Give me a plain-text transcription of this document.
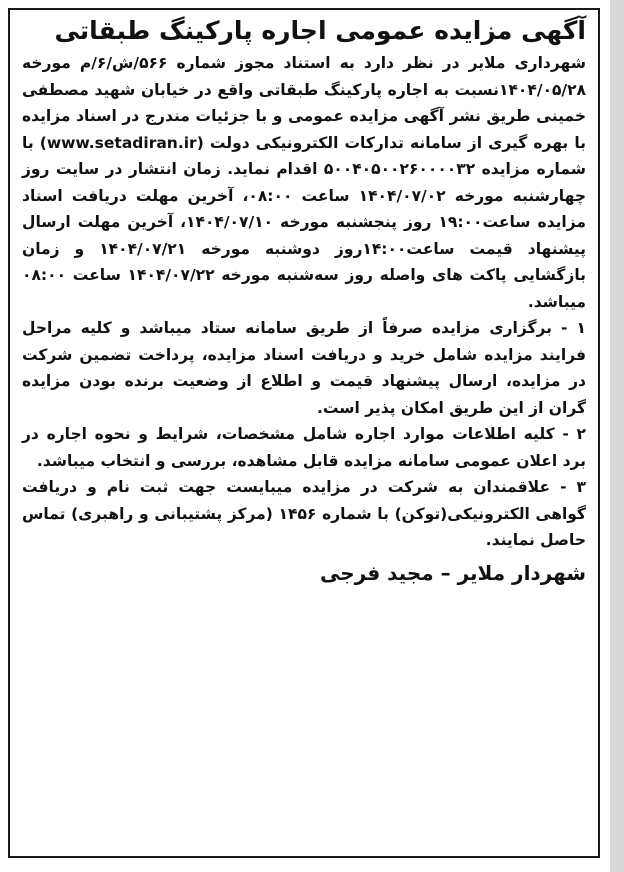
آگهی مزایده عمومی اجاره پارکینگ طبقاتی

شهرداری ملایر در نظر دارد به استناد مجوز شماره ۵۶۶/ش/۶/م مورخه ۱۴۰۴/۰۵/۲۸نسبت به اجاره پارکینگ طبقاتی واقع در خیابان شهید مصطفی خمینی طریق نشر آگهی مزایده عمومی و با جزئیات مندرج در اسناد مزایده با بهره گیری از سامانه تدارکات الکترونیکی دولت (www.setadiran.ir) با شماره مزایده ۵۰۰۴۰۵۰۰۲۶۰۰۰۰۳۲ اقدام نماید. زمان انتشار در سایت روز چهارشنبه مورخه ۱۴۰۴/۰۷/۰۲ ساعت ۰۸:۰۰، آخرین مهلت دریافت اسناد مزایده ساعت۱۹:۰۰ روز پنجشنبه مورخه ۱۴۰۴/۰۷/۱۰، آخرین مهلت ارسال پیشنهاد قیمت ساعت۱۴:۰۰روز دوشنبه مورخه ۱۴۰۴/۰۷/۲۱ و زمان بازگشایی پاکت های واصله روز سه‌شنبه مورخه ۱۴۰۴/۰۷/۲۲ ساعت ۰۸:۰۰ میباشد.

۱ - برگزاری مزایده صرفاً از طریق سامانه ستاد میباشد و کلیه مراحل فرایند مزایده شامل خرید و دریافت اسناد مزایده، پرداخت تضمین شرکت در مزایده، ارسال پیشنهاد قیمت و اطلاع از وضعیت برنده بودن مزایده گران از این طریق امکان پذیر است.

۲ - کلیه اطلاعات موارد اجاره شامل مشخصات، شرایط و نحوه اجاره در برد اعلان عمومی سامانه مزایده قابل مشاهده، بررسی و انتخاب میباشد.

۳ - علاقمندان به شرکت در مزایده میبایست جهت ثبت نام و دریافت گواهی الکترونیکی(توکن) با شماره ۱۴۵۶ (مرکز پشتیبانی و راهبری) تماس حاصل نمایند.

شهردار ملایر – مجید فرجی
